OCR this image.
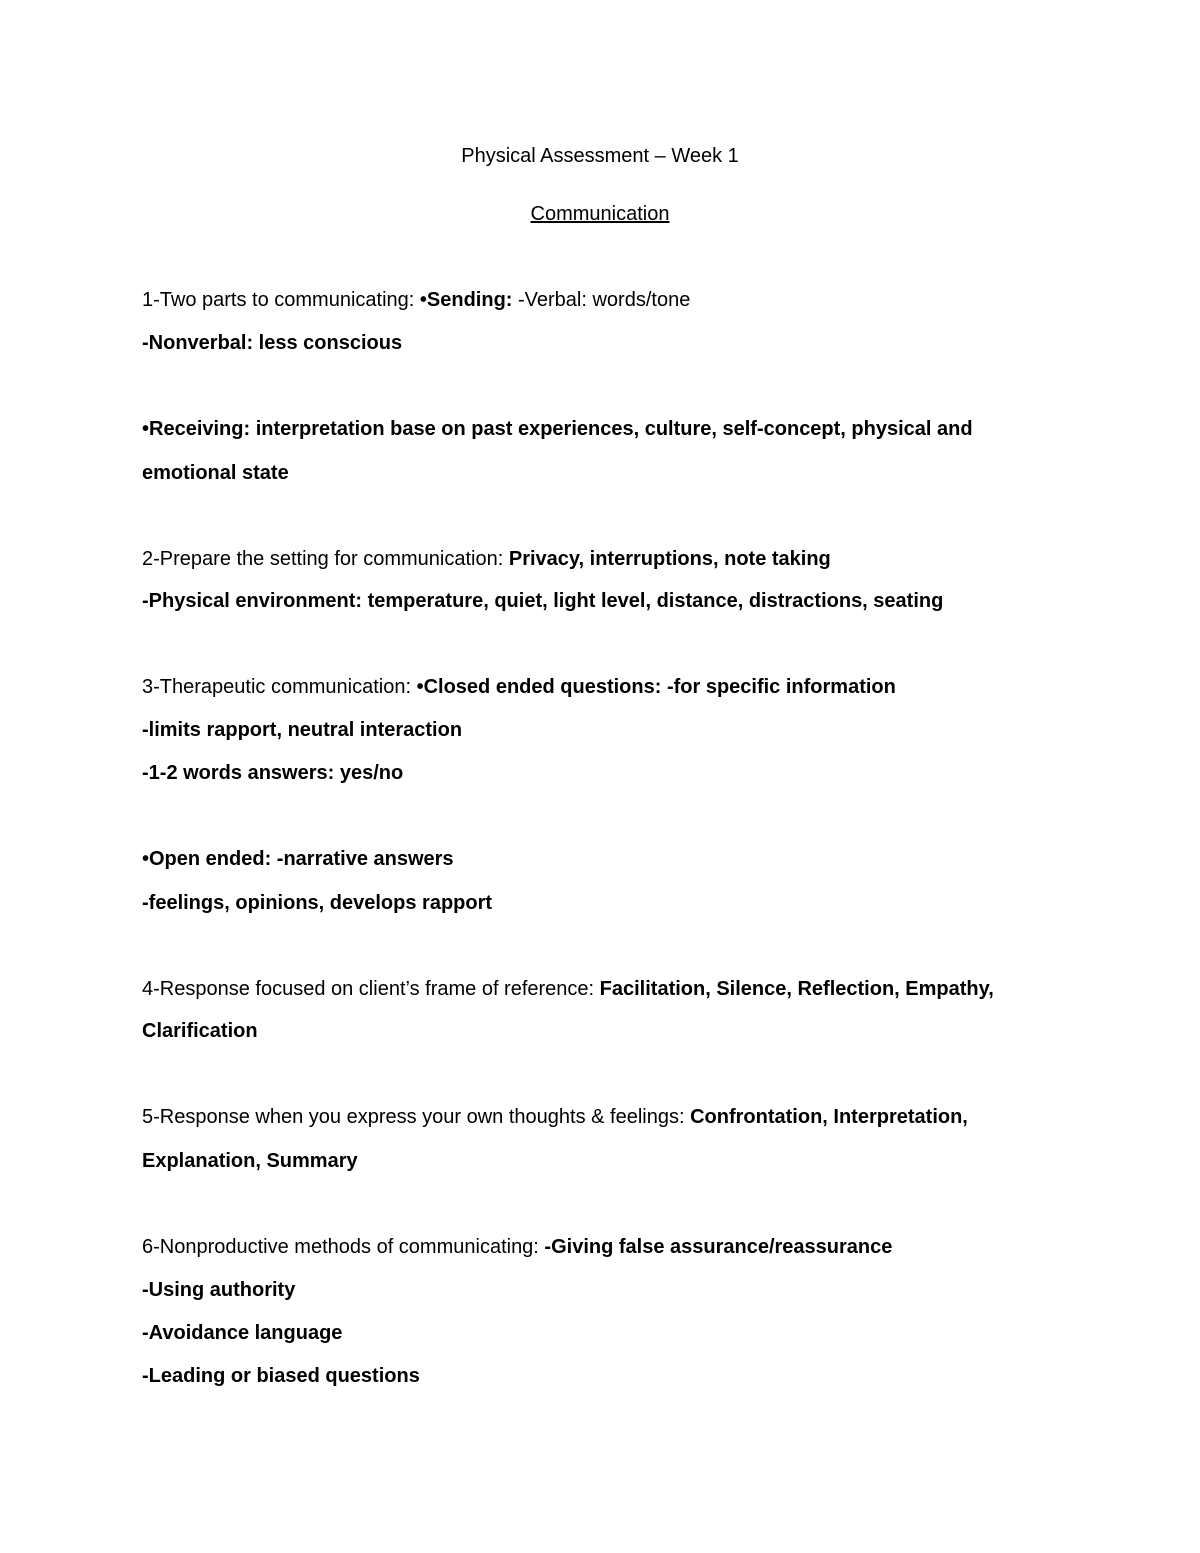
Physical Assessment – Week 1
Communication
1-Two parts to communicating: •Sending: -Verbal: words/tone
-Nonverbal: less conscious
•Receiving: interpretation base on past experiences, culture, self-concept, physical and
emotional state
2-Prepare the setting for communication: Privacy, interruptions, note taking
-Physical environment: temperature, quiet, light level, distance, distractions, seating
3-Therapeutic communication: •Closed ended questions: -for specific information
-limits rapport, neutral interaction
-1-2 words answers: yes/no
•Open ended: -narrative answers
-feelings, opinions, develops rapport
4-Response focused on client’s frame of reference: Facilitation, Silence, Reflection, Empathy,
Clarification
5-Response when you express your own thoughts & feelings: Confrontation, Interpretation,
Explanation, Summary
6-Nonproductive methods of communicating: -Giving false assurance/reassurance
-Using authority
-Avoidance language
-Leading or biased questions
